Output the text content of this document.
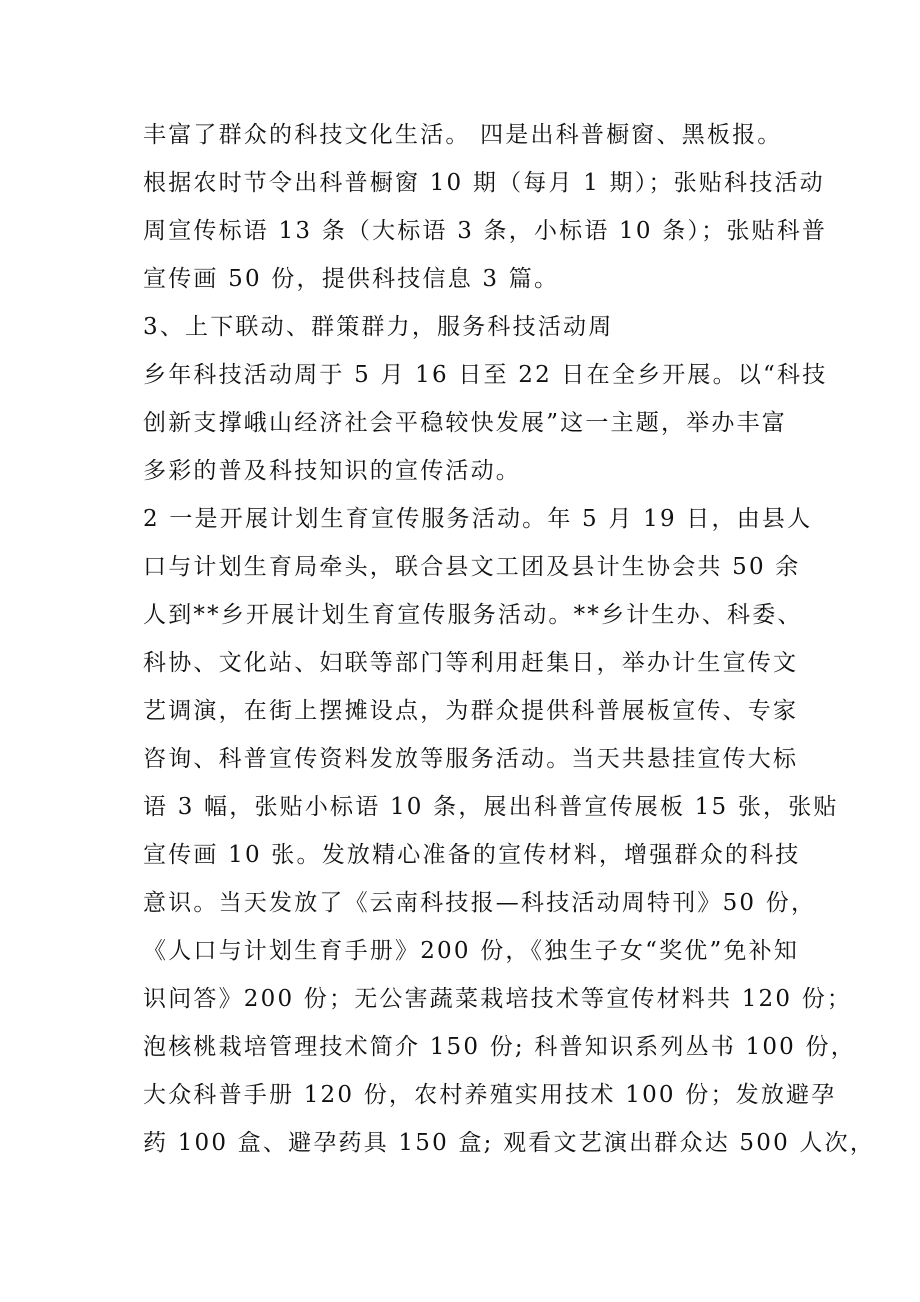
丰富了群众的科技文化生活。 四是出科普橱窗、黑板报。
根据农时节令出科普橱窗 10 期（每月 1 期）；张贴科技活动
周宣传标语 13 条（大标语 3 条，小标语 10 条）；张贴科普
宣传画 50 份，提供科技信息 3 篇。
3、上下联动、群策群力，服务科技活动周
乡年科技活动周于 5 月 16 日至 22 日在全乡开展。以“科技
创新支撑峨山经济社会平稳较快发展”这一主题，举办丰富
多彩的普及科技知识的宣传活动。
2 一是开展计划生育宣传服务活动。年 5 月 19 日，由县人
口与计划生育局牵头，联合县文工团及县计生协会共 50 余
人到**乡开展计划生育宣传服务活动。**乡计生办、科委、
科协、文化站、妇联等部门等利用赶集日，举办计生宣传文
艺调演，在街上摆摊设点，为群众提供科普展板宣传、专家
咨询、科普宣传资料发放等服务活动。当天共悬挂宣传大标
语 3 幅，张贴小标语 10 条，展出科普宣传展板 15 张，张贴
宣传画 10 张。发放精心准备的宣传材料，增强群众的科技
意识。当天发放了《云南科技报—科技活动周特刊》50 份，
《人口与计划生育手册》200 份，《独生子女“奖优”免补知
识问答》200 份；无公害蔬菜栽培技术等宣传材料共 120 份；
泡核桃栽培管理技术简介 150 份; 科普知识系列丛书 100 份，
大众科普手册 120 份，农村养殖实用技术 100 份；发放避孕
药 100 盒、避孕药具 150 盒; 观看文艺演出群众达 500 人次，
